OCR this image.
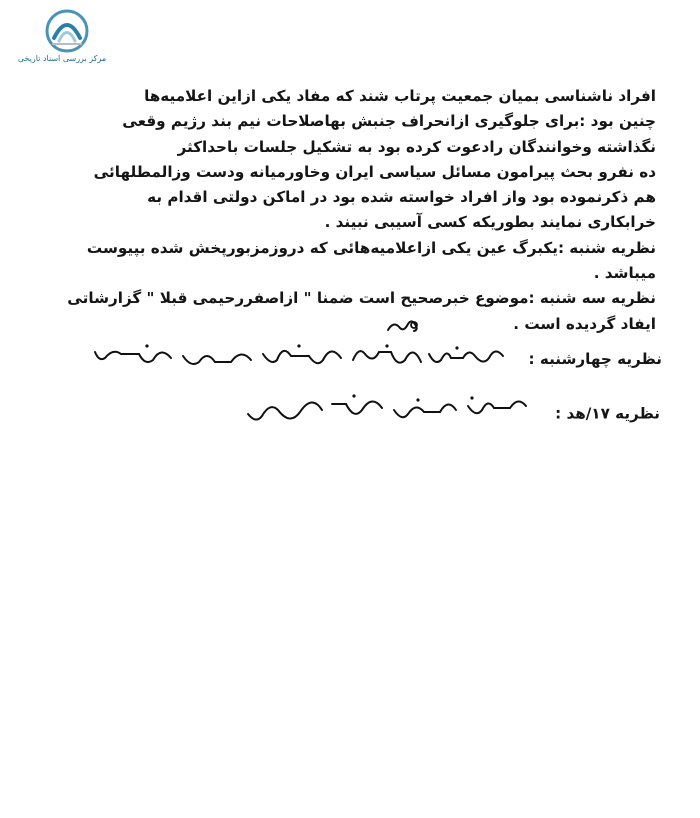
مرکز بررسی اسناد تاریخی
افراد ناشناسی بمیان جمعیت پرتاب شند که مفاد یکی ازاین اعلامیه‌ها
چنین بود :برای جلوگیری ازانحراف جنبش بهاصلاحات نیم بند رژیم وقعی
نگذاشته وخوانندگان رادعوت کرده بود به تشکیل جلسات باحداکثر
ده نفرو بحث پیرامون مسائل سیاسی ایران وخاورمیانه ودست وزالمطلهائی
هم ذکرنموده بود واز افراد خواسته شده بود در اماکن دولتی اقدام به
خرابکاری نمایند بطوریکه کسی آسیبی نبیند .
نظریه شنبه :یکبرگ عین یکی ازاعلامیه‌هائی که دروزمزبورپخش شده بپیوست
میباشد .
نظریه سه شنبه :موضوع خبرصحیح است ضمنا " ازاصفررحیمی قبلا " گزارشاتی
ایفاد گردیده است .
نظریه چهارشنبه :
نظریه ۱۷/هد :
